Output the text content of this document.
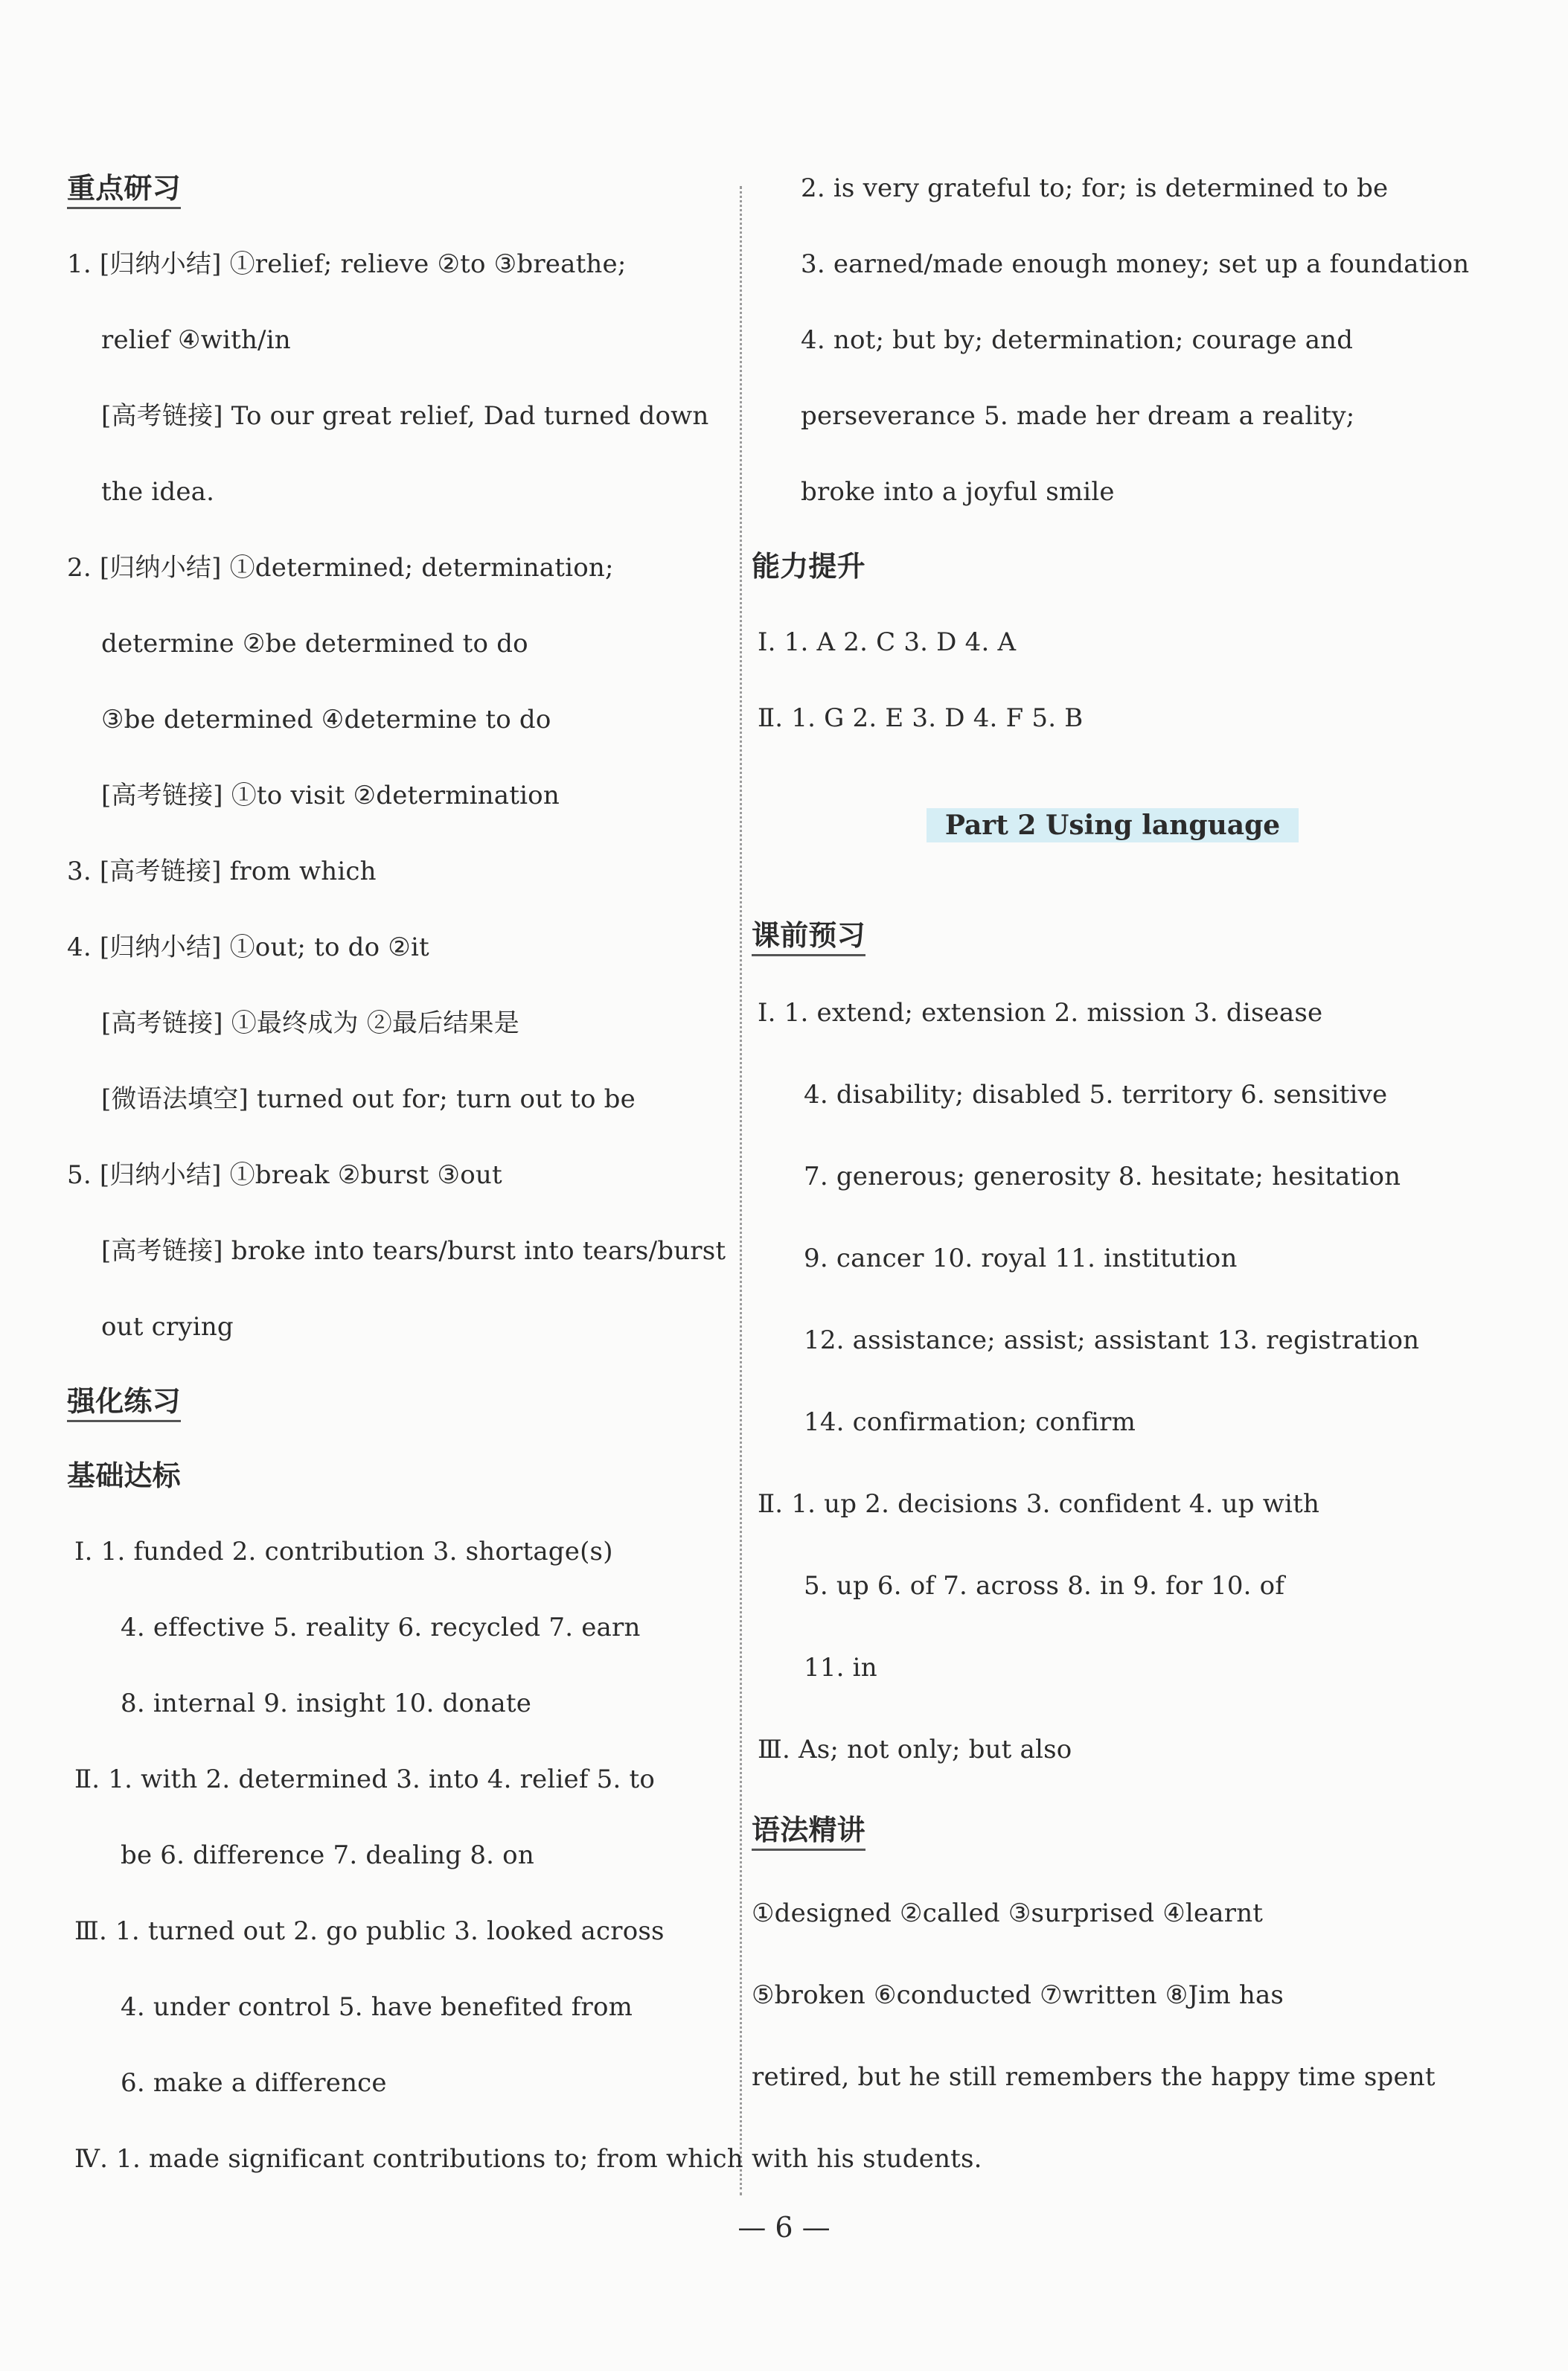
重点研习
1. [归纳小结] ①relief; relieve ②to ③breathe;
relief ④with/in
[高考链接] To our great relief, Dad turned down
the idea.
2. [归纳小结] ①determined; determination;
determine ②be determined to do
③be determined ④determine to do
[高考链接] ①to visit ②determination
3. [高考链接] from which
4. [归纳小结] ①out; to do ②it
[高考链接] ①最终成为 ②最后结果是
[微语法填空] turned out for; turn out to be
5. [归纳小结] ①break ②burst ③out
[高考链接] broke into tears/burst into tears/burst
out crying
强化练习
基础达标
Ⅰ. 1. funded 2. contribution 3. shortage(s)
4. effective 5. reality 6. recycled 7. earn
8. internal 9. insight 10. donate
Ⅱ. 1. with 2. determined 3. into 4. relief 5. to
be 6. difference 7. dealing 8. on
Ⅲ. 1. turned out 2. go public 3. looked across
4. under control 5. have benefited from
6. make a difference
Ⅳ. 1. made significant contributions to; from which
2. is very grateful to; for; is determined to be
3. earned/made enough money; set up a foundation
4. not; but by; determination; courage and
perseverance 5. made her dream a reality;
broke into a joyful smile
能力提升
Ⅰ. 1. A 2. C 3. D 4. A
Ⅱ. 1. G 2. E 3. D 4. F 5. B
Part 2 Using language
课前预习
Ⅰ. 1. extend; extension 2. mission 3. disease
4. disability; disabled 5. territory 6. sensitive
7. generous; generosity 8. hesitate; hesitation
9. cancer 10. royal 11. institution
12. assistance; assist; assistant 13. registration
14. confirmation; confirm
Ⅱ. 1. up 2. decisions 3. confident 4. up with
5. up 6. of 7. across 8. in 9. for 10. of
11. in
Ⅲ. As; not only; but also
语法精讲
①designed ②called ③surprised ④learnt
⑤broken ⑥conducted ⑦written ⑧Jim has
retired, but he still remembers the happy time spent
with his students.
— 6 —
